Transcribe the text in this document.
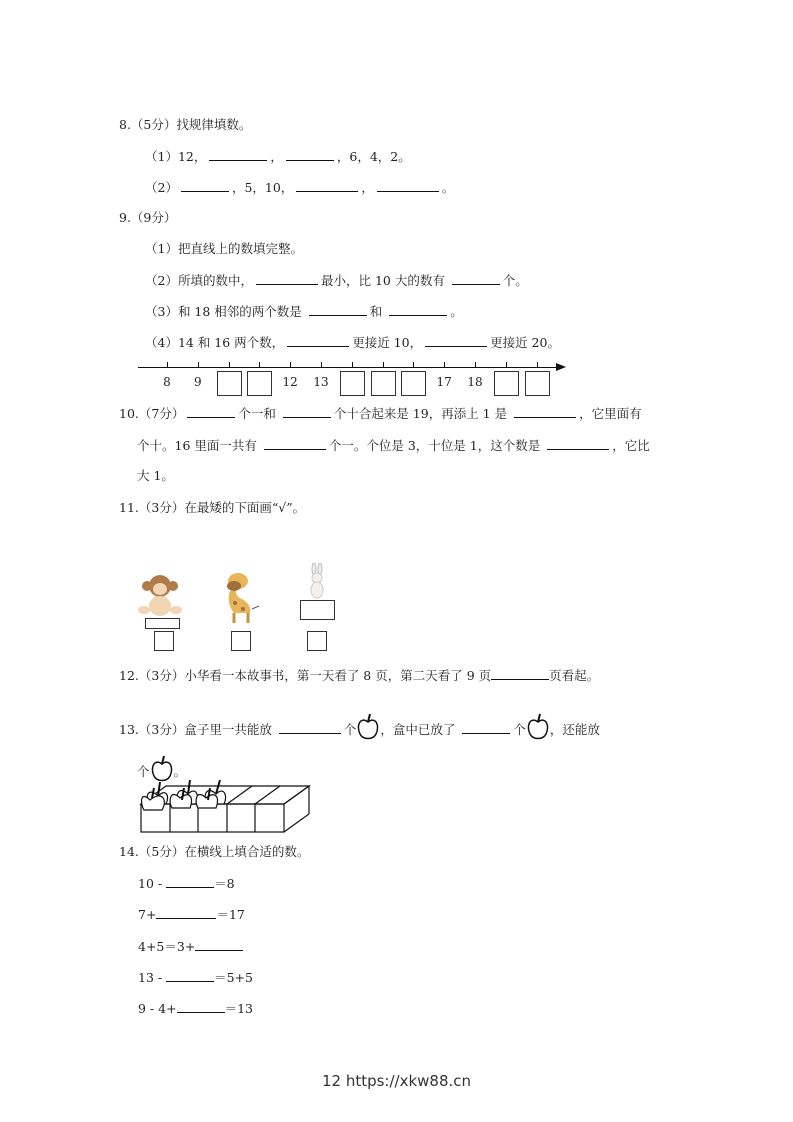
8.（5分）找规律填数。
（1）12，	，	，6，4，2。
（2）	，5，10，	，	。
9.（9分）
（1）把直线上的数填完整。
（2）所填的数中，	最小，比 10 大的数有	个。
（3）和 18 相邻的两个数是	和	。
（4）14 和 16 两个数，	更接近 10，	更接近 20。
8	9	12	13	17	18
10.（7分）	个一和	个十合起来是 19，再添上 1 是	，它里面有
个十。16 里面一共有	个一。个位是 3，十位是 1，这个数是	，它比
大 1。
11.（3分）在最矮的下面画“√”。
12.（3分）小华看一本故事书，第一天看了 8 页，第二天看了 9 页	页看起。
13.（3分）盒子里一共能放	个 ，盒中已放了	个 ，还能放
个 。
14.（5分）在横线上填合适的数。
10 -	＝8
7+	＝17
4+5＝3+
13 -	＝5+5
9 - 4+	＝13
12 https://xkw88.cn
